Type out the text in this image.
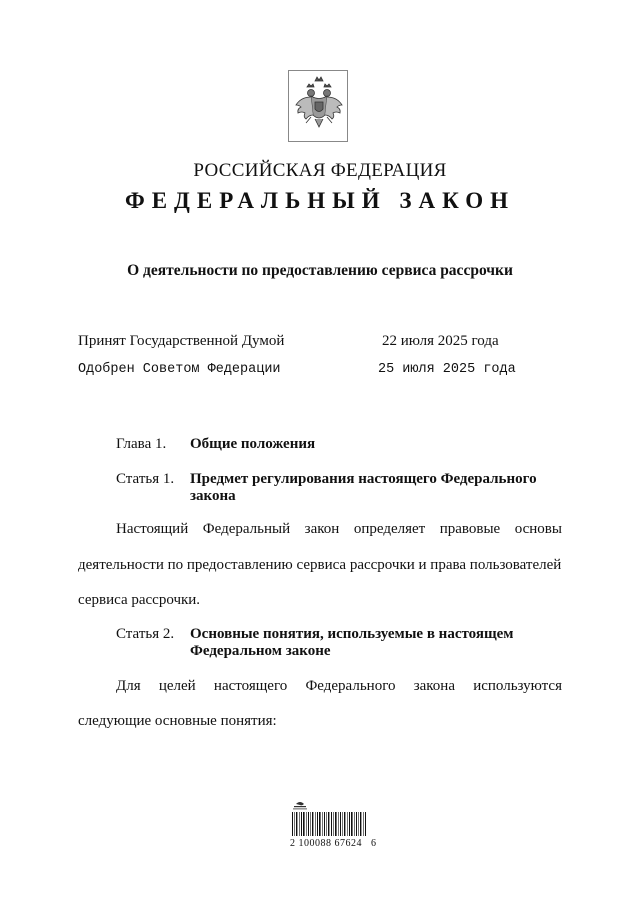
РОССИЙСКАЯ ФЕДЕРАЦИЯ
ФЕДЕРАЛЬНЫЙ ЗАКОН
О деятельности по предоставлению сервиса рассрочки
Принят Государственной Думой	22 июля 2025 года
Одобрен Советом Федерации	25 июля 2025 года
Глава 1. Общие положения
Статья 1. Предмет регулирования настоящего Федерального
закона
Настоящий Федеральный закон определяет правовые основы
деятельности по предоставлению сервиса рассрочки и права пользователей
сервиса рассрочки.
Статья 2. Основные понятия, используемые в настоящем
Федеральном законе
Для целей настоящего Федерального закона используются
следующие основные понятия:
2 100088 67624   6
